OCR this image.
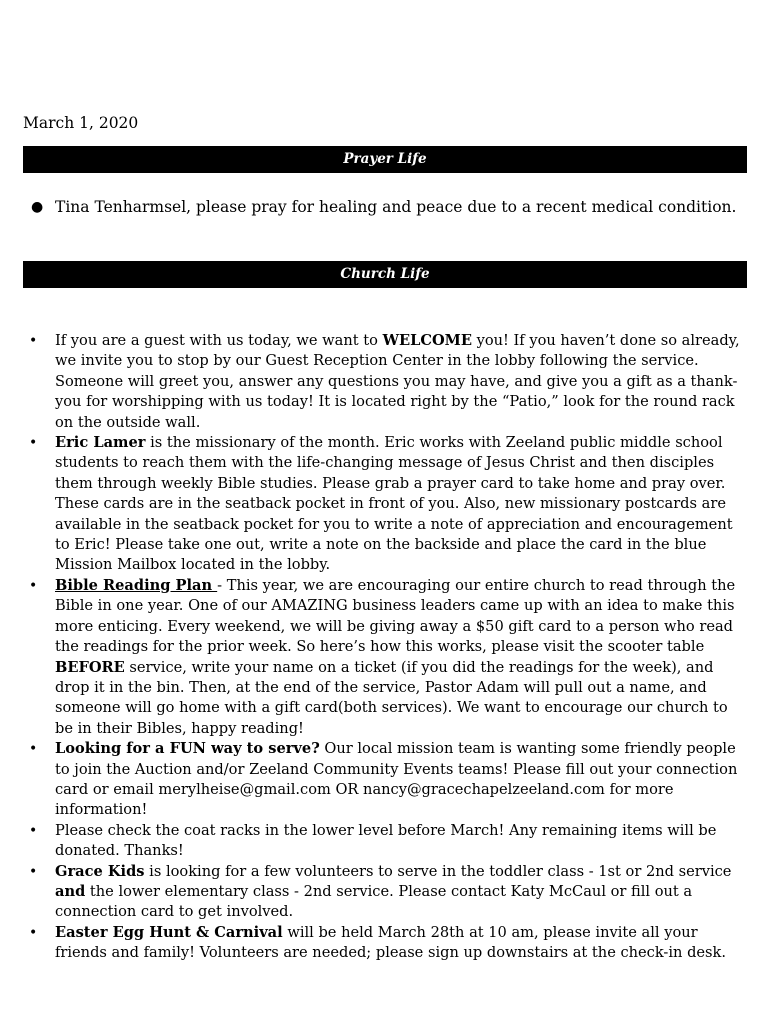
March 1, 2020
Prayer Life
● Tina Tenharmsel, please pray for healing and peace due to a recent medical condition.
Church Life
• If you are a guest with us today, we want to WELCOME you! If you haven’t done so already, we invite you to stop by our Guest Reception Center in the lobby following the service. Someone will greet you, answer any questions you may have, and give you a gift as a thank-you for worshipping with us today! It is located right by the “Patio,” look for the round rack on the outside wall.
• Eric Lamer is the missionary of the month. Eric works with Zeeland public middle school students to reach them with the life-changing message of Jesus Christ and then disciples them through weekly Bible studies. Please grab a prayer card to take home and pray over. These cards are in the seatback pocket in front of you. Also, new missionary postcards are available in the seatback pocket for you to write a note of appreciation and encouragement to Eric! Please take one out, write a note on the backside and place the card in the blue Mission Mailbox located in the lobby.
• Bible Reading Plan - This year, we are encouraging our entire church to read through the Bible in one year. One of our AMAZING business leaders came up with an idea to make this more enticing. Every weekend, we will be giving away a $50 gift card to a person who read the readings for the prior week. So here’s how this works, please visit the scooter table BEFORE service, write your name on a ticket (if you did the readings for the week), and drop it in the bin. Then, at the end of the service, Pastor Adam will pull out a name, and someone will go home with a gift card(both services). We want to encourage our church to be in their Bibles, happy reading!
• Looking for a FUN way to serve? Our local mission team is wanting some friendly people to join the Auction and/or Zeeland Community Events teams! Please fill out your connection card or email merylheise@gmail.com OR nancy@gracechapelzeeland.com for more information!
• Please check the coat racks in the lower level before March! Any remaining items will be donated. Thanks!
• Grace Kids is looking for a few volunteers to serve in the toddler class - 1st or 2nd service and the lower elementary class - 2nd service. Please contact Katy McCaul or fill out a connection card to get involved.
• Easter Egg Hunt & Carnival will be held March 28th at 10 am, please invite all your friends and family! Volunteers are needed; please sign up downstairs at the check-in desk.
